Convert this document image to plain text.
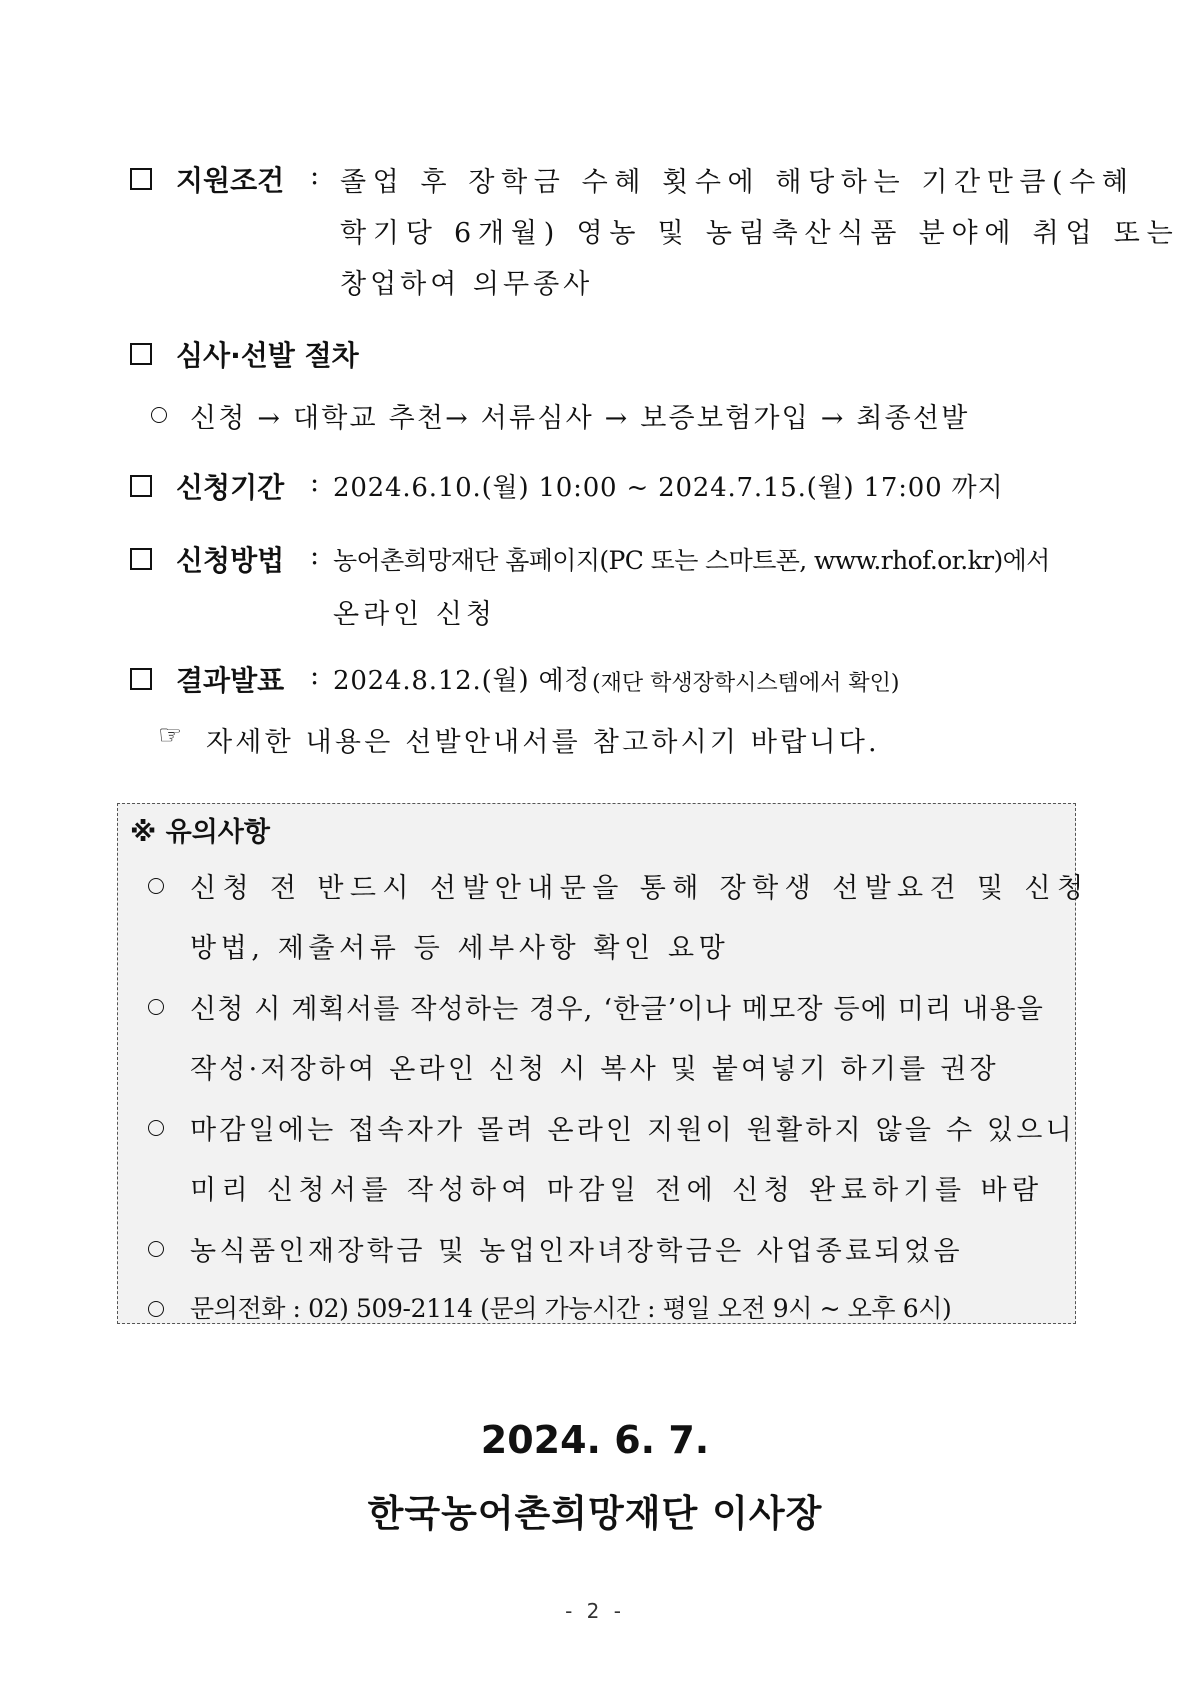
지원조건 : 졸업 후 장학금 수혜 횟수에 해당하는 기간만큼(수혜
학기당 6개월) 영농 및 농림축산식품 분야에 취업 또는
창업하여 의무종사
심사·선발 절차
신청 → 대학교 추천→ 서류심사 → 보증보험가입 → 최종선발
신청기간 : 2024.6.10.(월) 10:00 ~ 2024.7.15.(월) 17:00 까지
신청방법 : 농어촌희망재단 홈페이지(PC 또는 스마트폰, www.rhof.or.kr)에서
온라인 신청
결과발표 : 2024.8.12.(월) 예정 (재단 학생장학시스템에서 확인)
☞ 자세한 내용은 선발안내서를 참고하시기 바랍니다.
※ 유의사항
신청 전 반드시 선발안내문을 통해 장학생 선발요건 및 신청
방법, 제출서류 등 세부사항 확인 요망
신청 시 계획서를 작성하는 경우, ‘한글’이나 메모장 등에 미리 내용을
작성·저장하여 온라인 신청 시 복사 및 붙여넣기 하기를 권장
마감일에는 접속자가 몰려 온라인 지원이 원활하지 않을 수 있으니
미리 신청서를 작성하여 마감일 전에 신청 완료하기를 바람
농식품인재장학금 및 농업인자녀장학금은 사업종료되었음
문의전화 : 02) 509-2114 (문의 가능시간 : 평일 오전 9시 ~ 오후 6시)
2024. 6. 7.
한국농어촌희망재단 이사장
- 2 -
